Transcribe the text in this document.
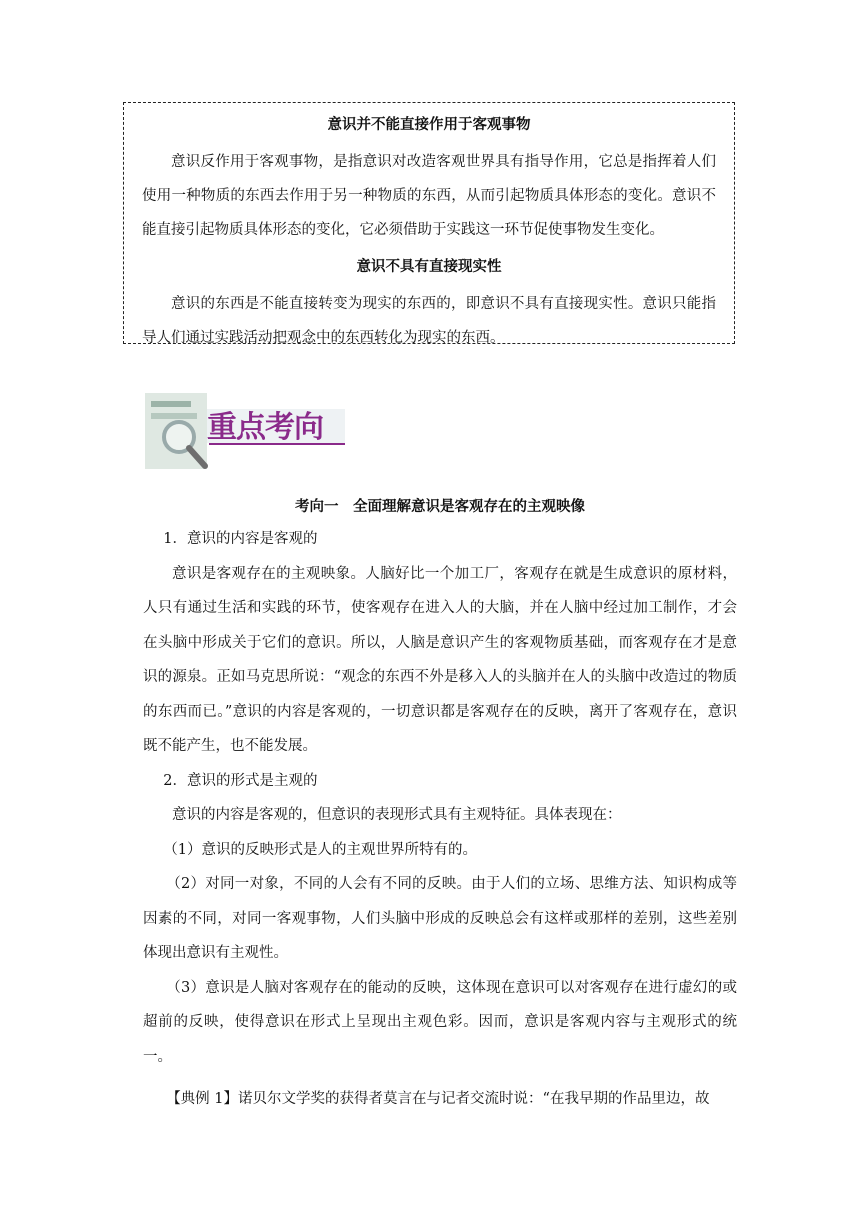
意识并不能直接作用于客观事物

意识反作用于客观事物，是指意识对改造客观世界具有指导作用，它总是指挥着人们使用一种物质的东西去作用于另一种物质的东西，从而引起物质具体形态的变化。意识不能直接引起物质具体形态的变化，它必须借助于实践这一环节促使事物发生变化。

意识不具有直接现实性

意识的东西是不能直接转变为现实的东西的，即意识不具有直接现实性。意识只能指导人们通过实践活动把观念中的东西转化为现实的东西。

重点考向
考向一　全面理解意识是客观存在的主观映像

1．意识的内容是客观的

意识是客观存在的主观映象。人脑好比一个加工厂，客观存在就是生成意识的原材料，人只有通过生活和实践的环节，使客观存在进入人的大脑，并在人脑中经过加工制作，才会在头脑中形成关于它们的意识。所以，人脑是意识产生的客观物质基础，而客观存在才是意识的源泉。正如马克思所说：“观念的东西不外是移入人的头脑并在人的头脑中改造过的物质的东西而已。”意识的内容是客观的，一切意识都是客观存在的反映，离开了客观存在，意识既不能产生，也不能发展。

2．意识的形式是主观的

意识的内容是客观的，但意识的表现形式具有主观特征。具体表现在：

（1）意识的反映形式是人的主观世界所特有的。

（2）对同一对象，不同的人会有不同的反映。由于人们的立场、思维方法、知识构成等因素的不同，对同一客观事物，人们头脑中形成的反映总会有这样或那样的差别，这些差别体现出意识有主观性。

（3）意识是人脑对客观存在的能动的反映，这体现在意识可以对客观存在进行虚幻的或超前的反映，使得意识在形式上呈现出主观色彩。因而，意识是客观内容与主观形式的统一。

【典例 1】诺贝尔文学奖的获得者莫言在与记者交流时说：“在我早期的作品里边，故
